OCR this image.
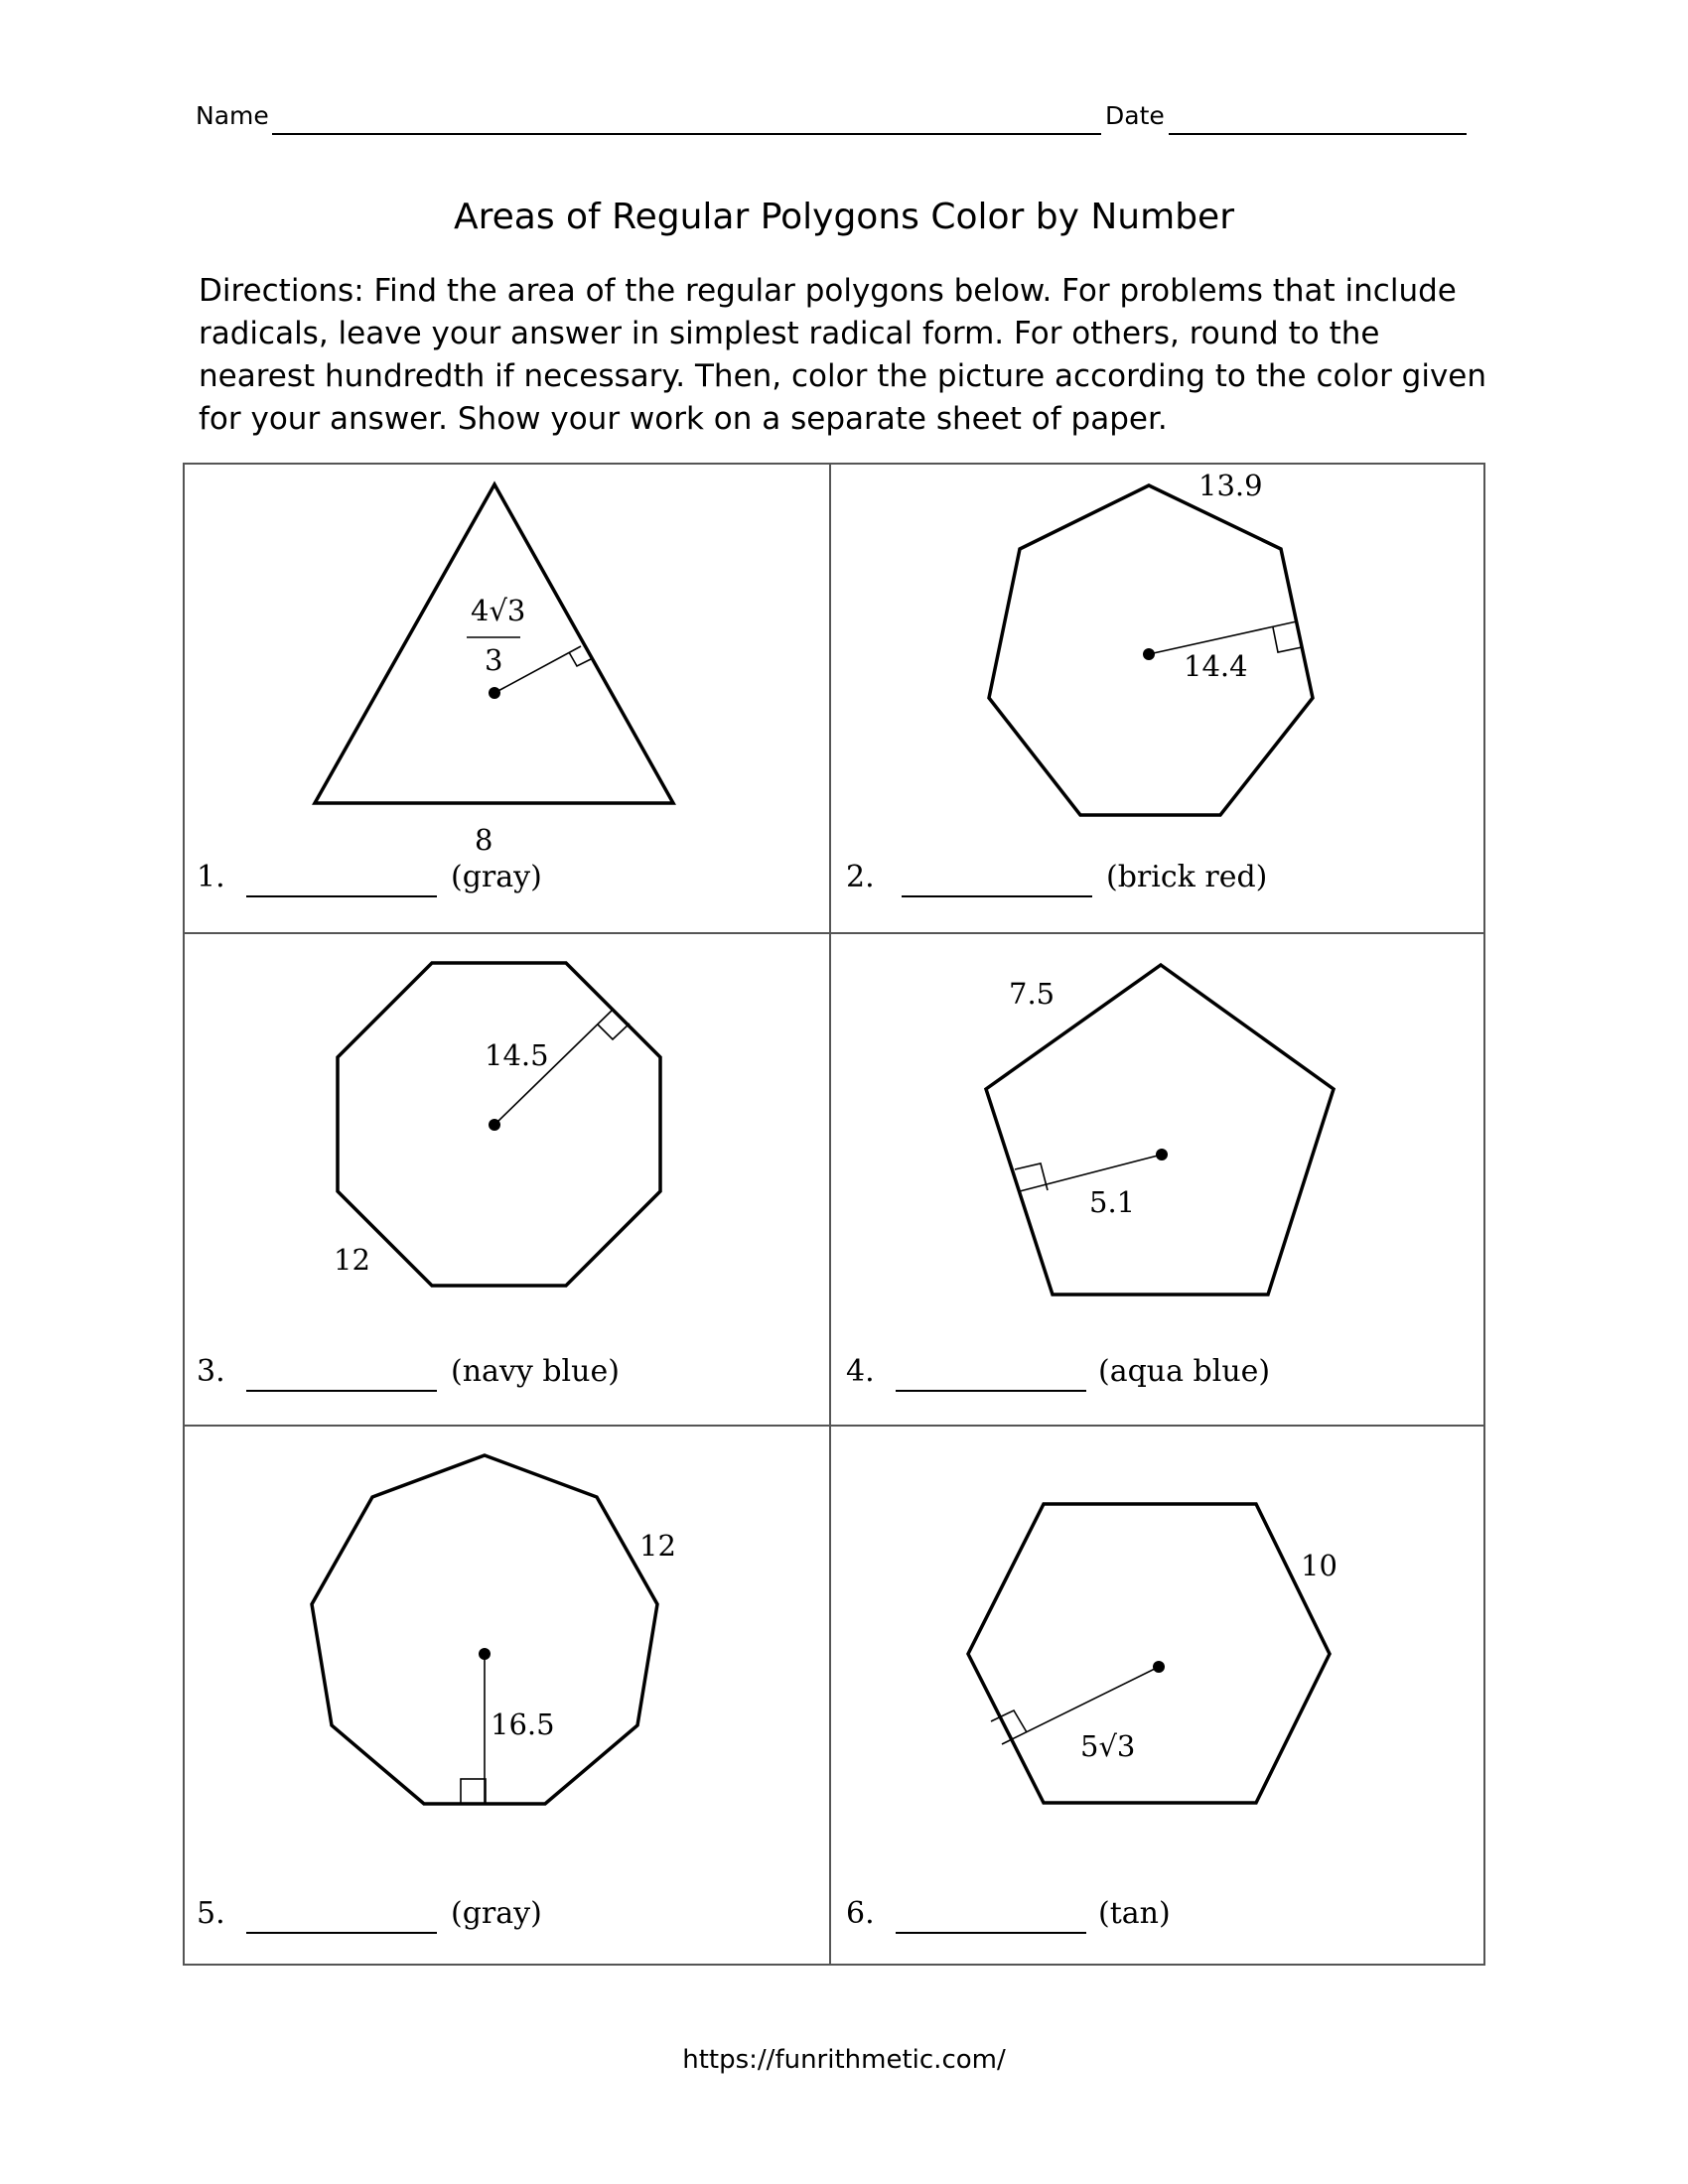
Name	Date
Areas of Regular Polygons Color by Number
Directions: Find the area of the regular polygons below. For problems that include radicals, leave your answer in simplest radical form. For others, round to the nearest hundredth if necessary. Then, color the picture according to the color given for your answer. Show your work on a separate sheet of paper.
4√3
3
8
13.9
14.4
14.5
12
7.5
5.1
12
16.5
10
5√3
1.	(gray)	2.	(brick red)
3.	(navy blue)	4.	(aqua blue)
5.	(gray)	6.	(tan)
https://funrithmetic.com/
